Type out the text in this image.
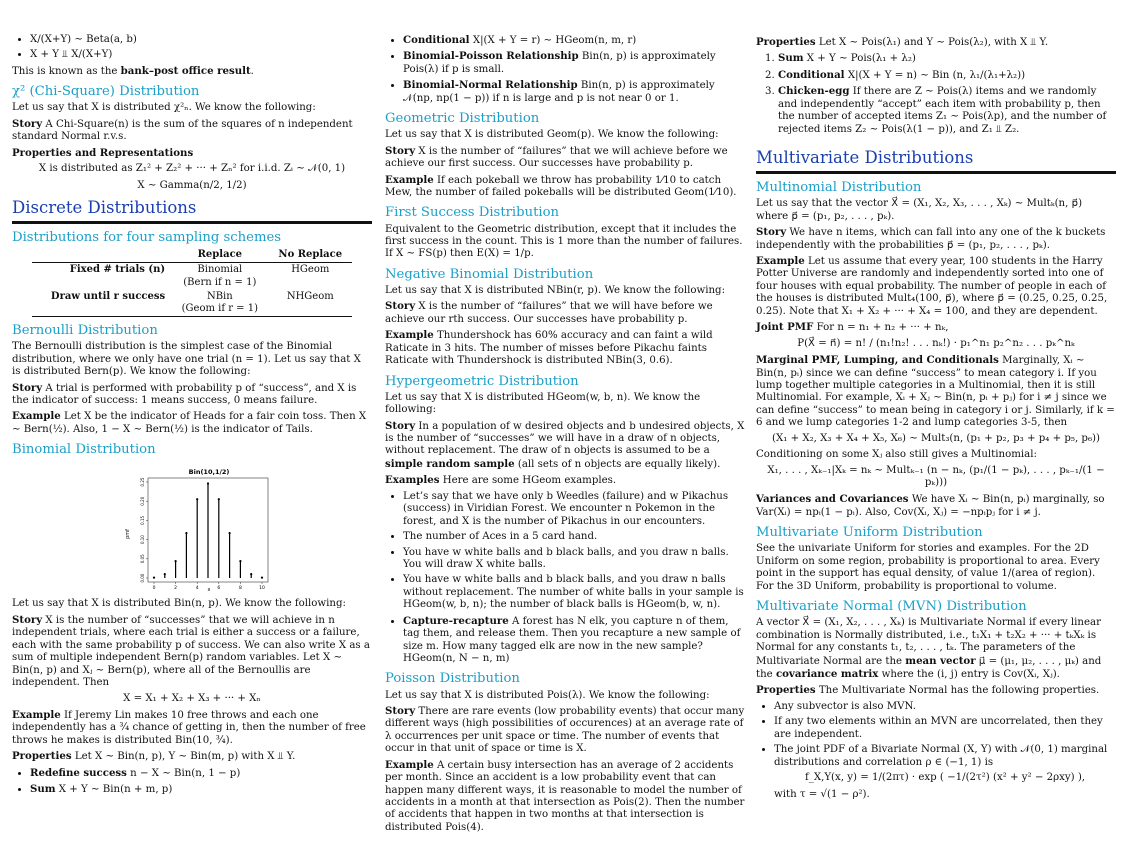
• X/(X+Y) ∼ Beta(a, b)
• X + Y ⫫ X/(X+Y)

This is known as the bank–post office result.

χ² (Chi-Square) Distribution

Let us say that X is distributed χ²ₙ. We know the following:

Story A Chi-Square(n) is the sum of the squares of n independent standard Normal r.v.s.

Properties and Representations

X is distributed as Z₁² + Z₂² + ··· + Zₙ² for i.i.d. Zᵢ ∼ 𝒩(0, 1)
X ∼ Gamma(n/2, 1/2)
Discrete Distributions
Distributions for four sampling schemes
	Replace	No Replace
Fixed # trials (n)	Binomial
(Bern if n = 1)	HGeom
Draw until r success	NBin
(Geom if r = 1)	NHGeom
Bernoulli Distribution

The Bernoulli distribution is the simplest case of the Binomial distribution, where we only have one trial (n = 1). Let us say that X is distributed Bern(p). We know the following:

Story A trial is performed with probability p of “success”, and X is the indicator of success: 1 means success, 0 means failure.

Example Let X be the indicator of Heads for a fair coin toss. Then X ∼ Bern(½). Also, 1 − X ∼ Bern(½) is the indicator of Tails.

Binomial Distribution
Bin(10,1/2)
x
pmf
0.00
0.05
0.10
0.15
0.20
0.25
0	2	4	6	8	10

Let us say that X is distributed Bin(n, p). We know the following:

Story X is the number of “successes” that we will achieve in n independent trials, where each trial is either a success or a failure, each with the same probability p of success. We can also write X as a sum of multiple independent Bern(p) random variables. Let X ∼ Bin(n, p) and Xⱼ ∼ Bern(p), where all of the Bernoullis are independent. Then

X = X₁ + X₂ + X₃ + ··· + Xₙ

Example If Jeremy Lin makes 10 free throws and each one independently has a ¾ chance of getting in, then the number of free throws he makes is distributed Bin(10, ¾).

Properties Let X ∼ Bin(n, p), Y ∼ Bin(m, p) with X ⫫ Y.

• Redefine success n − X ∼ Bin(n, 1 − p)
• Sum X + Y ∼ Bin(n + m, p)
• Conditional X|(X + Y = r) ∼ HGeom(n, m, r)
• Binomial-Poisson Relationship Bin(n, p) is approximately Pois(λ) if p is small.
• Binomial-Normal Relationship Bin(n, p) is approximately 𝒩(np, np(1 − p)) if n is large and p is not near 0 or 1.
Geometric Distribution

Let us say that X is distributed Geom(p). We know the following:

Story X is the number of “failures” that we will achieve before we achieve our first success. Our successes have probability p.

Example If each pokeball we throw has probability 1⁄10 to catch Mew, the number of failed pokeballs will be distributed Geom(1⁄10).

First Success Distribution

Equivalent to the Geometric distribution, except that it includes the first success in the count. This is 1 more than the number of failures. If X ∼ FS(p) then E(X) = 1/p.

Negative Binomial Distribution

Let us say that X is distributed NBin(r, p). We know the following:

Story X is the number of “failures” that we will have before we achieve our rth success. Our successes have probability p.

Example Thundershock has 60% accuracy and can faint a wild Raticate in 3 hits. The number of misses before Pikachu faints Raticate with Thundershock is distributed NBin(3, 0.6).

Hypergeometric Distribution

Let us say that X is distributed HGeom(w, b, n). We know the following:

Story In a population of w desired objects and b undesired objects, X is the number of “successes” we will have in a draw of n objects, without replacement. The draw of n objects is assumed to be a simple random sample (all sets of n objects are equally likely).

Examples Here are some HGeom examples.

• Let’s say that we have only b Weedles (failure) and w Pikachus (success) in Viridian Forest. We encounter n Pokemon in the forest, and X is the number of Pikachus in our encounters.
• The number of Aces in a 5 card hand.
• You have w white balls and b black balls, and you draw n balls. You will draw X white balls.
• You have w white balls and b black balls, and you draw n balls without replacement. The number of white balls in your sample is HGeom(w, b, n); the number of black balls is HGeom(b, w, n).
• Capture-recapture A forest has N elk, you capture n of them, tag them, and release them. Then you recapture a new sample of size m. How many tagged elk are now in the new sample? HGeom(n, N − n, m)
Poisson Distribution

Let us say that X is distributed Pois(λ). We know the following:

Story There are rare events (low probability events) that occur many different ways (high possibilities of occurences) at an average rate of λ occurrences per unit space or time. The number of events that occur in that unit of space or time is X.

Example A certain busy intersection has an average of 2 accidents per month. Since an accident is a low probability event that can happen many different ways, it is reasonable to model the number of accidents in a month at that intersection as Pois(2). Then the number of accidents that happen in two months at that intersection is distributed Pois(4).

Properties Let X ∼ Pois(λ₁) and Y ∼ Pois(λ₂), with X ⫫ Y.

1. Sum X + Y ∼ Pois(λ₁ + λ₂)
2. Conditional X|(X + Y = n) ∼ Bin (n, λ₁/(λ₁+λ₂))
3. Chicken-egg If there are Z ∼ Pois(λ) items and we randomly and independently “accept” each item with probability p, then the number of accepted items Z₁ ∼ Pois(λp), and the number of rejected items Z₂ ∼ Pois(λ(1 − p)), and Z₁ ⫫ Z₂.
Multivariate Distributions
Multinomial Distribution

Let us say that the vector X⃗ = (X₁, X₂, X₃, . . . , Xₖ) ∼ Multₖ(n, p⃗) where p⃗ = (p₁, p₂, . . . , pₖ).

Story We have n items, which can fall into any one of the k buckets independently with the probabilities p⃗ = (p₁, p₂, . . . , pₖ).

Example Let us assume that every year, 100 students in the Harry Potter Universe are randomly and independently sorted into one of four houses with equal probability. The number of people in each of the houses is distributed Mult₄(100, p⃗), where p⃗ = (0.25, 0.25, 0.25, 0.25). Note that X₁ + X₂ + ··· + X₄ = 100, and they are dependent.

Joint PMF For n = n₁ + n₂ + ··· + nₖ,

P(X⃗ = n⃗) = n! / (n₁!n₂! . . . nₖ!) · p₁^n₁ p₂^n₂ . . . pₖ^nₖ

Marginal PMF, Lumping, and Conditionals Marginally, Xᵢ ∼ Bin(n, pᵢ) since we can define “success” to mean category i. If you lump together multiple categories in a Multinomial, then it is still Multinomial. For example, Xᵢ + Xⱼ ∼ Bin(n, pᵢ + pⱼ) for i ≠ j since we can define “success” to mean being in category i or j. Similarly, if k = 6 and we lump categories 1-2 and lump categories 3-5, then

(X₁ + X₂, X₃ + X₄ + X₅, X₆) ∼ Mult₃(n, (p₁ + p₂, p₃ + p₄ + p₅, p₆))

Conditioning on some Xⱼ also still gives a Multinomial:

X₁, . . . , Xₖ₋₁|Xₖ = nₖ ∼ Multₖ₋₁ (n − nₖ, (p₁/(1 − pₖ), . . . , pₖ₋₁/(1 − pₖ)))

Variances and Covariances We have Xᵢ ∼ Bin(n, pᵢ) marginally, so Var(Xᵢ) = npᵢ(1 − pᵢ). Also, Cov(Xᵢ, Xⱼ) = −npᵢpⱼ for i ≠ j.

Multivariate Uniform Distribution

See the univariate Uniform for stories and examples. For the 2D Uniform on some region, probability is proportional to area. Every point in the support has equal density, of value 1/(area of region). For the 3D Uniform, probability is proportional to volume.

Multivariate Normal (MVN) Distribution

A vector X⃗ = (X₁, X₂, . . . , Xₖ) is Multivariate Normal if every linear combination is Normally distributed, i.e., t₁X₁ + t₂X₂ + ··· + tₖXₖ is Normal for any constants t₁, t₂, . . . , tₖ. The parameters of the Multivariate Normal are the mean vector μ⃗ = (μ₁, μ₂, . . . , μₖ) and the covariance matrix where the (i, j) entry is Cov(Xᵢ, Xⱼ).

Properties The Multivariate Normal has the following properties.

• Any subvector is also MVN.
• If any two elements within an MVN are uncorrelated, then they are independent.
• The joint PDF of a Bivariate Normal (X, Y) with 𝒩(0, 1) marginal distributions and correlation ρ ∈ (−1, 1) is
f_X,Y(x, y) = 1/(2πτ) · exp ( −1/(2τ²) (x² + y² − 2ρxy) ),
with τ = √(1 − ρ²).
